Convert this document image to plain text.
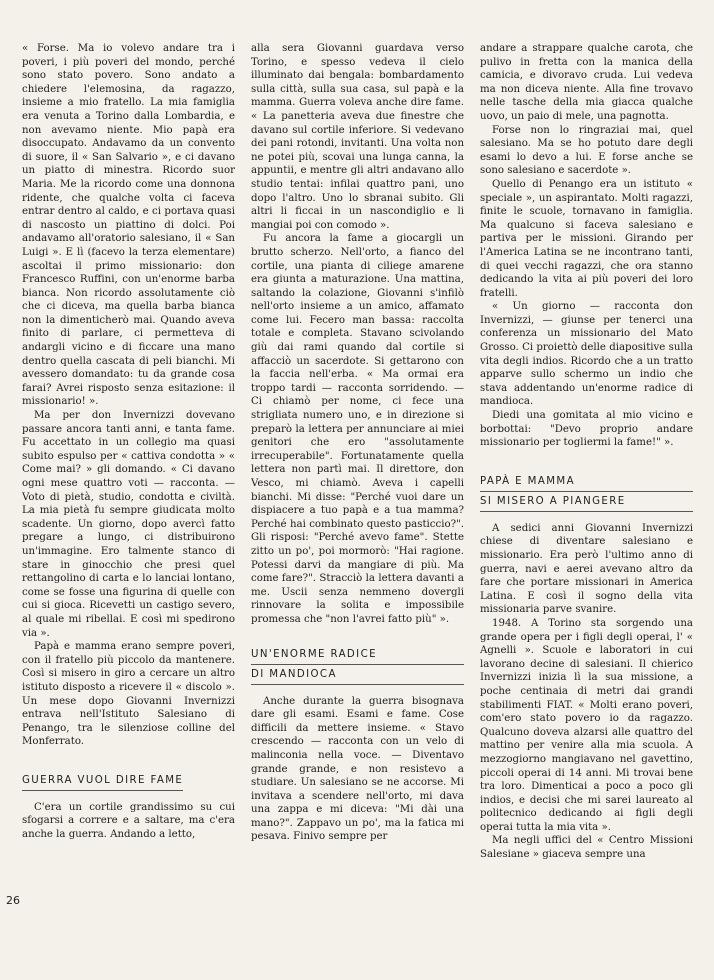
« Forse. Ma io volevo andare tra i poveri, i più poveri del mondo, perché sono stato povero. Sono andato a chiedere l'elemosina, da ragazzo, insieme a mio fratello. La mia famiglia era venuta a Torino dalla Lombardia, e non avevamo niente. Mio papà era disoccupato. Andavamo da un convento di suore, il « San Salvario », e ci davano un piatto di minestra. Ricordo suor Maria. Me la ricordo come una donnona ridente, che qualche volta ci faceva entrar dentro al caldo, e ci portava quasi di nascosto un piattino di dolci. Poi andavamo all'oratorio salesiano, il « San Luigi ». E lì (facevo la terza elementare) ascoltai il primo missionario: don Francesco Ruffini, con un'enorme barba bianca. Non ricordo assolutamente ciò che ci diceva, ma quella barba bianca non la dimenticherò mai. Quando aveva finito di parlare, ci permetteva di andargli vicino e di ficcare una mano dentro quella cascata di peli bianchi. Mi avessero domandato: tu da grande cosa farai? Avrei risposto senza esitazione: il missionario! ».

Ma per don Invernizzi dovevano passare ancora tanti anni, e tanta fame. Fu accettato in un collegio ma quasi subito espulso per « cattiva condotta » « Come mai? » gli domando. « Ci davano ogni mese quattro voti — racconta. — Voto di pietà, studio, condotta e civiltà. La mia pietà fu sempre giudicata molto scadente. Un giorno, dopo avercì fatto pregare a lungo, ci distribuirono un'immagine. Ero talmente stanco di stare in ginocchio che presi quel rettangolino di carta e lo lanciai lontano, come se fosse una figurina di quelle con cui si gioca. Ricevetti un castigo severo, al quale mi ribellai. E così mi spedirono via ».

Papà e mamma erano sempre poveri, con il fratello più piccolo da mantenere. Così si misero in giro a cercare un altro istituto disposto a ricevere il « discolo ». Un mese dopo Giovanni Invernizzi entrava nell'Istituto Salesiano di Penango, tra le silenziose colline del Monferrato.

GUERRA VUOL DIRE FAME

C'era un cortile grandissimo su cui sfogarsi a correre e a saltare, ma c'era anche la guerra. Andando a letto,

alla sera Giovanni guardava verso Torino, e spesso vedeva il cielo illuminato dai bengala: bombardamento sulla città, sulla sua casa, sul papà e la mamma. Guerra voleva anche dire fame. « La panetteria aveva due finestre che davano sul cortile inferiore. Si vedevano dei pani rotondi, invitanti. Una volta non ne potei più, scovai una lunga canna, la appuntii, e mentre gli altri andavano allo studio tentai: infilai quattro pani, uno dopo l'altro. Uno lo sbranai subito. Gli altri li ficcai in un nascondiglio e li mangiai poi con comodo ».

Fu ancora la fame a giocargli un brutto scherzo. Nell'orto, a fianco del cortile, una pianta di ciliege amarene era giunta a maturazione. Una mattina, saltando la colazione, Giovanni s'infilò nell'orto insieme a un amico, affamato come lui. Fecero man bassa: raccolta totale e completa. Stavano scivolando giù dai rami quando dal cortile si affacciò un sacerdote. Si gettarono con la faccia nell'erba. « Ma ormai era troppo tardi — racconta sorridendo. — Ci chiamò per nome, ci fece una strigliata numero uno, e in direzione si preparò la lettera per annunciare ai miei genitori che ero "assolutamente irrecuperabile". Fortunatamente quella lettera non partì mai. Il direttore, don Vesco, mi chiamò. Aveva i capelli bianchi. Mi disse: "Perché vuoi dare un dispiacere a tuo papà e a tua mamma? Perché hai combinato questo pasticcio?". Gli risposi: "Perché avevo fame". Stette zitto un po', poi mormorò: "Hai ragione. Potessi darvi da mangiare di più. Ma come fare?". Stracciò la lettera davanti a me. Uscii senza nemmeno dovergli rinnovare la solita e impossibile promessa che "non l'avrei fatto più" ».

UN'ENORME RADICE
DI MANDIOCA

Anche durante la guerra bisognava dare gli esami. Esami e fame. Cose difficili da mettere insieme. « Stavo crescendo — racconta con un velo di malinconia nella voce. — Diventavo grande grande, e non resistevo a studiare. Un salesiano se ne accorse. Mi invitava a scendere nell'orto, mi dava una zappa e mi diceva: "Mi dài una mano?". Zappavo un po', ma la fatica mi pesava. Finivo sempre per

andare a strappare qualche carota, che pulivo in fretta con la manica della camicia, e divoravo cruda. Lui vedeva ma non diceva niente. Alla fine trovavo nelle tasche della mia giacca qualche uovo, un paio di mele, una pagnotta.

Forse non lo ringraziai mai, quel salesiano. Ma se ho potuto dare degli esami lo devo a lui. E forse anche se sono salesiano e sacerdote ».

Quello di Penango era un istituto « speciale », un aspirantato. Molti ragazzi, finite le scuole, tornavano in famiglia. Ma qualcuno si faceva salesiano e partiva per le missioni. Girando per l'America Latina se ne incontrano tanti, di quei vecchi ragazzi, che ora stanno dedicando la vita ai più poveri dei loro fratelli.

« Un giorno — racconta don Invernizzi, — giunse per tenerci una conferenza un missionario del Mato Grosso. Ci proiettò delle diapositive sulla vita degli indios. Ricordo che a un tratto apparve sullo schermo un indio che stava addentando un'enorme radice di mandioca.

Diedi una gomitata al mio vicino e borbottai: "Devo proprio andare missionario per togliermi la fame!" ».

PAPÀ E MAMMA
SI MISERO A PIANGERE

A sedici anni Giovanni Invernizzi chiese di diventare salesiano e missionario. Era però l'ultimo anno di guerra, navi e aerei avevano altro da fare che portare missionari in America Latina. E così il sogno della vita missionaria parve svanire.

1948. A Torino sta sorgendo una grande opera per i figli degli operai, l' « Agnelli ». Scuole e laboratori in cui lavorano decine di salesiani. Il chierico Invernizzi inizia lì la sua missione, a poche centinaia di metri dai grandi stabilimenti FIAT. « Molti erano poveri, com'ero stato povero io da ragazzo. Qualcuno doveva alzarsi alle quattro del mattino per venire alla mia scuola. A mezzogiorno mangiavano nel gavettino, piccoli operai di 14 anni. Mi trovai bene tra loro. Dimenticai a poco a poco gli indios, e decisi che mi sarei laureato al politecnico dedicando ai figli degli operai tutta la mia vita ».

Ma negli uffici del « Centro Missioni Salesiane » giaceva sempre una

26
